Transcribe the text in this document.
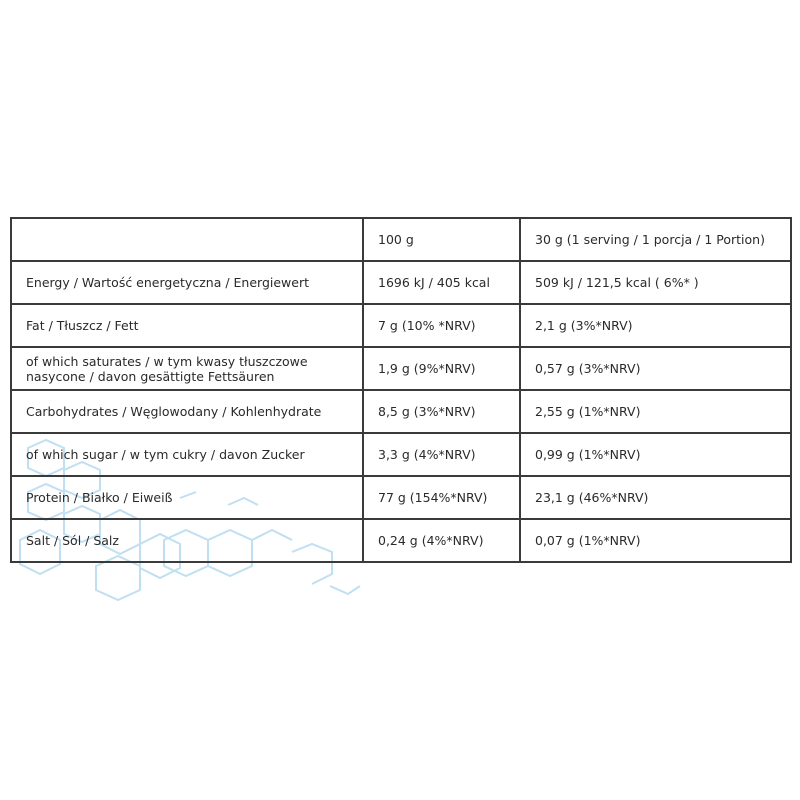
	100 g	30 g (1 serving / 1 porcja / 1 Portion)

Energy / Wartość energetyczna / Energiewert	1696 kJ / 405 kcal	509 kJ / 121,5 kcal ( 6%* )

Fat / Tłuszcz / Fett	7 g (10% *NRV)	2,1 g (3%*NRV)

of which saturates / w tym kwasy tłuszczowe nasycone / davon gesättigte Fettsäuren	1,9 g (9%*NRV)	0,57 g (3%*NRV)

Carbohydrates / Węglowodany / Kohlenhydrate	8,5 g (3%*NRV)	2,55 g (1%*NRV)

of which sugar / w tym cukry / davon Zucker	3,3 g (4%*NRV)	0,99 g (1%*NRV)

Protein / Białko / Eiweiß	77 g (154%*NRV)	23,1 g (46%*NRV)

Salt / Sól / Salz	0,24 g (4%*NRV)	0,07 g (1%*NRV)
